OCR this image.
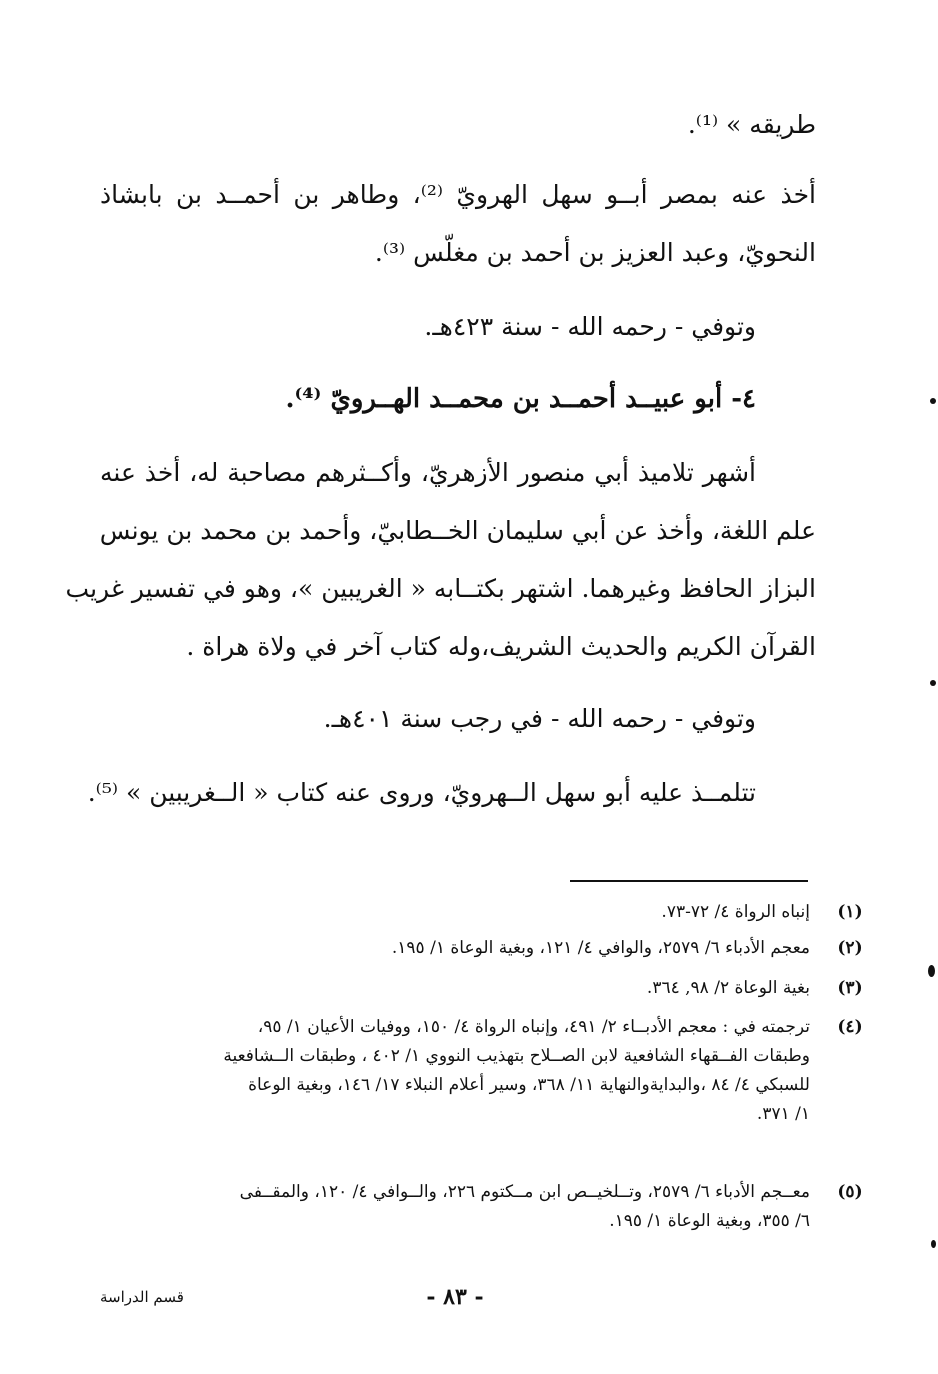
طريقه » ⁽¹⁾.
أخذ عنه بمصر أبــو سهل الهرويّ ⁽²⁾، وطاهر بن أحمــد بن بابشاذ
النحويّ، وعبد العزيز بن أحمد بن مغلّس ⁽³⁾.
وتوفي - رحمه الله - سنة ٤٢٣هـ.
٤- أبو عبيــد أحمــد بن محمــد الهــرويّ ⁽⁴⁾.
أشهر تلاميذ أبي منصور الأزهريّ، وأكــثرهم مصاحبة له، أخذ عنه
علم اللغة، وأخذ عن أبي سليمان الخــطابيّ، وأحمد بن محمد بن يونس
البزاز الحافظ وغيرهما. اشتهر بكتــابه « الغريبين »، وهو في تفسير غريب
القرآن الكريم والحديث الشريف،وله كتاب آخر في ولاة هراة .
وتوفي - رحمه الله - في رجب سنة ٤٠١هـ.
تتلمــذ عليه أبو سهل الــهرويّ، وروى عنه كتاب « الــغريبين » ⁽⁵⁾.
(١)
إنباه الرواة ٤/ ٧٢-٧٣.
(٢)
معجم الأدباء ٦/ ٢٥٧٩، والوافي ٤/ ١٢١، وبغية الوعاة ١/ ١٩٥.
(٣)
بغية الوعاة ٢/ ٩٨, ٣٦٤.
(٤)
ترجمته في : معجم الأدبــاء ٢/ ٤٩١، وإنباه الرواة ٤/ ١٥٠، ووفيات الأعيان ١/ ٩٥،
وطبقات الفــقهاء الشافعية لابن الصــلاح بتهذيب النووي ١/ ٤٠٢ ، وطبقات الــشافعية
للسبكي ٤/ ٨٤ ،والبدايةوالنهاية ١١/ ٣٦٨، وسير أعلام النبلاء ١٧/ ١٤٦، وبغية الوعاة
١/ ٣٧١.
(٥)
معــجم الأدباء ٦/ ٢٥٧٩، وتــلخيــص ابن مــكتوم ٢٢٦، والــوافي ٤/ ١٢٠، والمقــفى
٦/ ٣٥٥، وبغية الوعاة ١/ ١٩٥.
- ٨٣ -
قسم الدراسة
